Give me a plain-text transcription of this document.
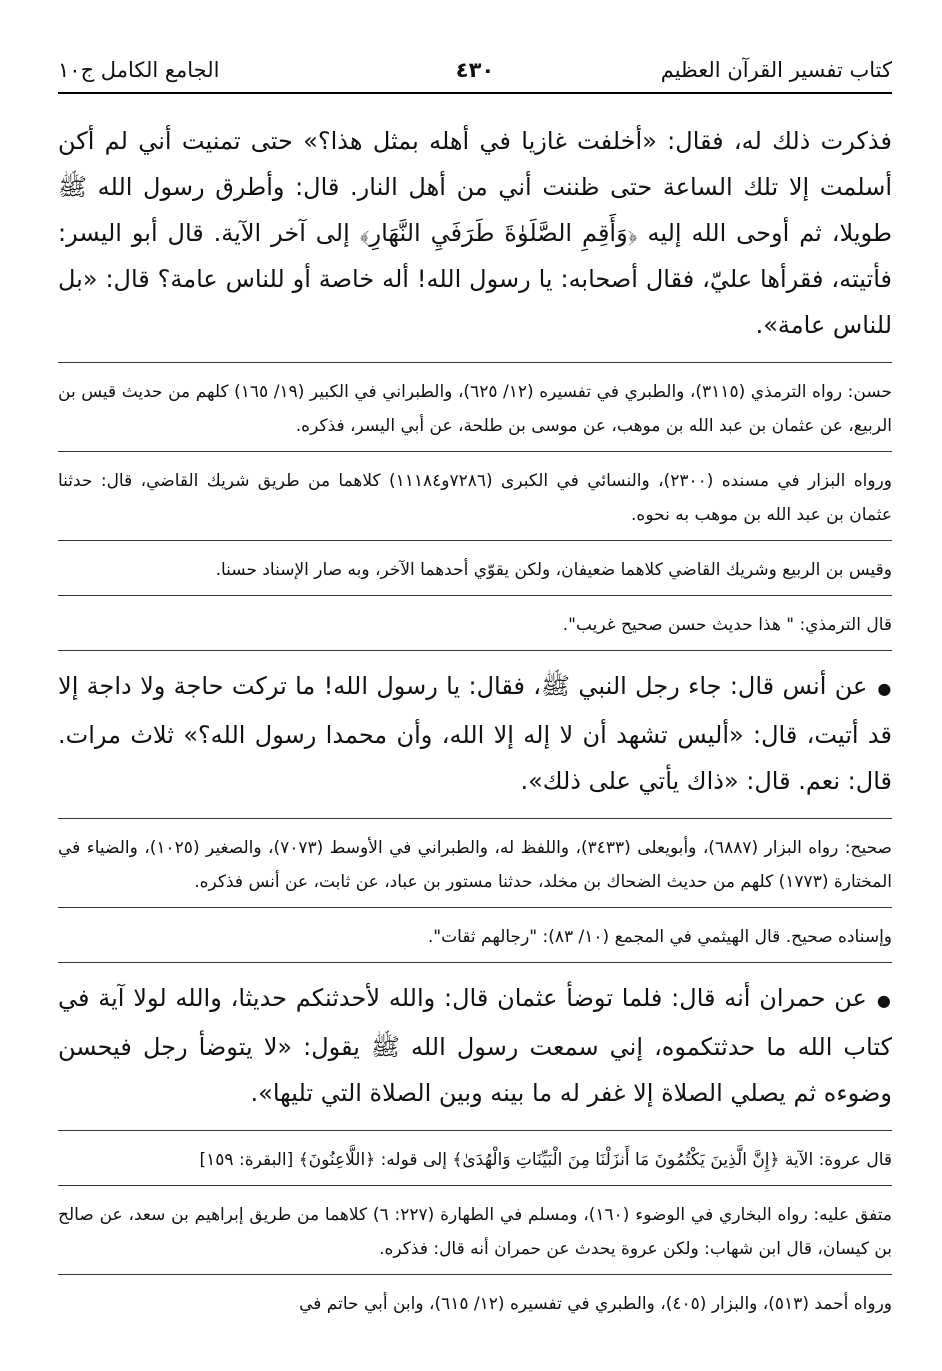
كتاب تفسير القرآن العظيم
٤٣٠
الجامع الكامل ج١٠

فذكرت ذلك له، فقال: «أخلفت غازيا في أهله بمثل هذا؟» حتى تمنيت أني لم أكن أسلمت إلا تلك الساعة حتى ظننت أني من أهل النار. قال: وأطرق رسول الله ﷺ طويلا، ثم أوحى الله إليه ﴿وَأَقِمِ الصَّلَوٰةَ طَرَفَيِ النَّهَارِ﴾ إلى آخر الآية. قال أبو اليسر: فأتيته، فقرأها عليّ، فقال أصحابه: يا رسول الله! أله خاصة أو للناس عامة؟ قال: «بل للناس عامة».

حسن: رواه الترمذي (٣١١٥)، والطبري في تفسيره (١٢/ ٦٢٥)، والطبراني في الكبير (١٩/ ١٦٥) كلهم من حديث قيس بن الربيع، عن عثمان بن عبد الله بن موهب، عن موسى بن طلحة، عن أبي اليسر، فذكره.

ورواه البزار في مسنده (٢٣٠٠)، والنسائي في الكبرى (٧٢٨٦و١١١٨٤) كلاهما من طريق شريك القاضي، قال: حدثنا عثمان بن عبد الله بن موهب به نحوه.

وقيس بن الربيع وشريك القاضي كلاهما ضعيفان، ولكن يقوّي أحدهما الآخر، وبه صار الإسناد حسنا.

قال الترمذي: " هذا حديث حسن صحيح غريب".

●عن أنس قال: جاء رجل النبي ﷺ، فقال: يا رسول الله! ما تركت حاجة ولا داجة إلا قد أتيت، قال: «أليس تشهد أن لا إله إلا الله، وأن محمدا رسول الله؟» ثلاث مرات. قال: نعم. قال: «ذاك يأتي على ذلك».

صحيح: رواه البزار (٦٨٨٧)، وأبويعلى (٣٤٣٣)، واللفظ له، والطبراني في الأوسط (٧٠٧٣)، والصغير (١٠٢٥)، والضياء في المختارة (١٧٧٣) كلهم من حديث الضحاك بن مخلد، حدثنا مستور بن عباد، عن ثابت، عن أنس فذكره.

وإسناده صحيح. قال الهيثمي في المجمع (١٠/ ٨٣): "رجالهم ثقات".

●عن حمران أنه قال: فلما توضأ عثمان قال: والله لأحدثنكم حديثا، والله لولا آية في كتاب الله ما حدثتكموه، إني سمعت رسول الله ﷺ يقول: «لا يتوضأ رجل فيحسن وضوءه ثم يصلي الصلاة إلا غفر له ما بينه وبين الصلاة التي تليها».

قال عروة: الآية ﴿إِنَّ الَّذِينَ يَكْتُمُونَ مَا أَنزَلْنَا مِنَ الْبَيِّنَاتِ وَالْهُدَىٰ﴾ إلى قوله: ﴿اللَّاعِنُونَ﴾ [البقرة: ١٥٩]

متفق عليه: رواه البخاري في الوضوء (١٦٠)، ومسلم في الطهارة (٢٢٧: ٦) كلاهما من طريق إبراهيم بن سعد، عن صالح بن كيسان، قال ابن شهاب: ولكن عروة يحدث عن حمران أنه قال: فذكره.

ورواه أحمد (٥١٣)، والبزار (٤٠٥)، والطبري في تفسيره (١٢/ ٦١٥)، وابن أبي حاتم في
